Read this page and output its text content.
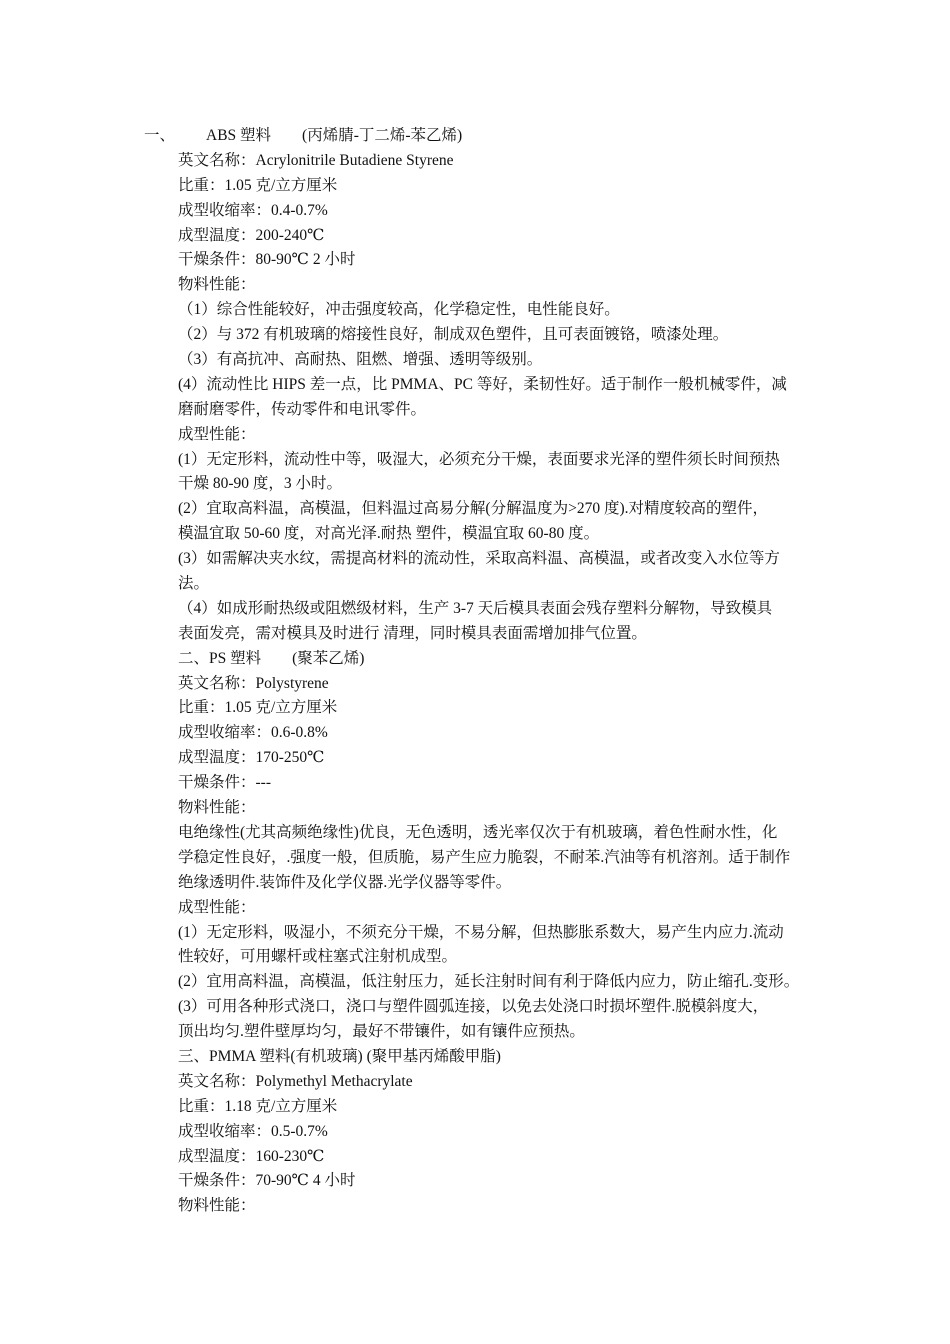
一、        ABS 塑料        (丙烯腈-丁二烯-苯乙烯)
英文名称：Acrylonitrile Butadiene Styrene
比重：1.05 克/立方厘米
成型收缩率：0.4-0.7%
成型温度：200-240℃
干燥条件：80-90℃ 2 小时
物料性能：
（1）综合性能较好，冲击强度较高，化学稳定性，电性能良好。
（2）与 372 有机玻璃的熔接性良好，制成双色塑件，且可表面镀铬，喷漆处理。
（3）有高抗冲、高耐热、阻燃、增强、透明等级别。
(4）流动性比 HIPS 差一点，比 PMMA、PC 等好，柔韧性好。适于制作一般机械零件，减
磨耐磨零件，传动零件和电讯零件。
成型性能：
(1）无定形料，流动性中等，吸湿大，必须充分干燥，表面要求光泽的塑件须长时间预热
干燥 80-90 度，3 小时。
(2）宜取高料温，高模温，但料温过高易分解(分解温度为>270 度).对精度较高的塑件，
模温宜取 50-60 度，对高光泽.耐热 塑件，模温宜取 60-80 度。
(3）如需解决夹水纹，需提高材料的流动性，采取高料温、高模温，或者改变入水位等方
法。
（4）如成形耐热级或阻燃级材料，生产 3-7 天后模具表面会残存塑料分解物，导致模具
表面发亮，需对模具及时进行 清理，同时模具表面需增加排气位置。
二、PS 塑料        (聚苯乙烯)
英文名称：Polystyrene
比重：1.05 克/立方厘米
成型收缩率：0.6-0.8%
成型温度：170-250℃
干燥条件：---
物料性能：
电绝缘性(尤其高频绝缘性)优良，无色透明，透光率仅次于有机玻璃，着色性耐水性，化
学稳定性良好，.强度一般，但质脆，易产生应力脆裂，不耐苯.汽油等有机溶剂。适于制作
绝缘透明件.装饰件及化学仪器.光学仪器等零件。
成型性能：
(1）无定形料，吸湿小，不须充分干燥，不易分解，但热膨胀系数大，易产生内应力.流动
性较好，可用螺杆或柱塞式注射机成型。
(2）宜用高料温，高模温，低注射压力，延长注射时间有利于降低内应力，防止缩孔.变形。
(3）可用各种形式浇口，浇口与塑件圆弧连接，以免去处浇口时损坏塑件.脱模斜度大，
顶出均匀.塑件壁厚均匀，最好不带镶件，如有镶件应预热。
三、PMMA 塑料(有机玻璃) (聚甲基丙烯酸甲脂)
英文名称：Polymethyl Methacrylate
比重：1.18 克/立方厘米
成型收缩率：0.5-0.7%
成型温度：160-230℃
干燥条件：70-90℃ 4 小时
物料性能：
